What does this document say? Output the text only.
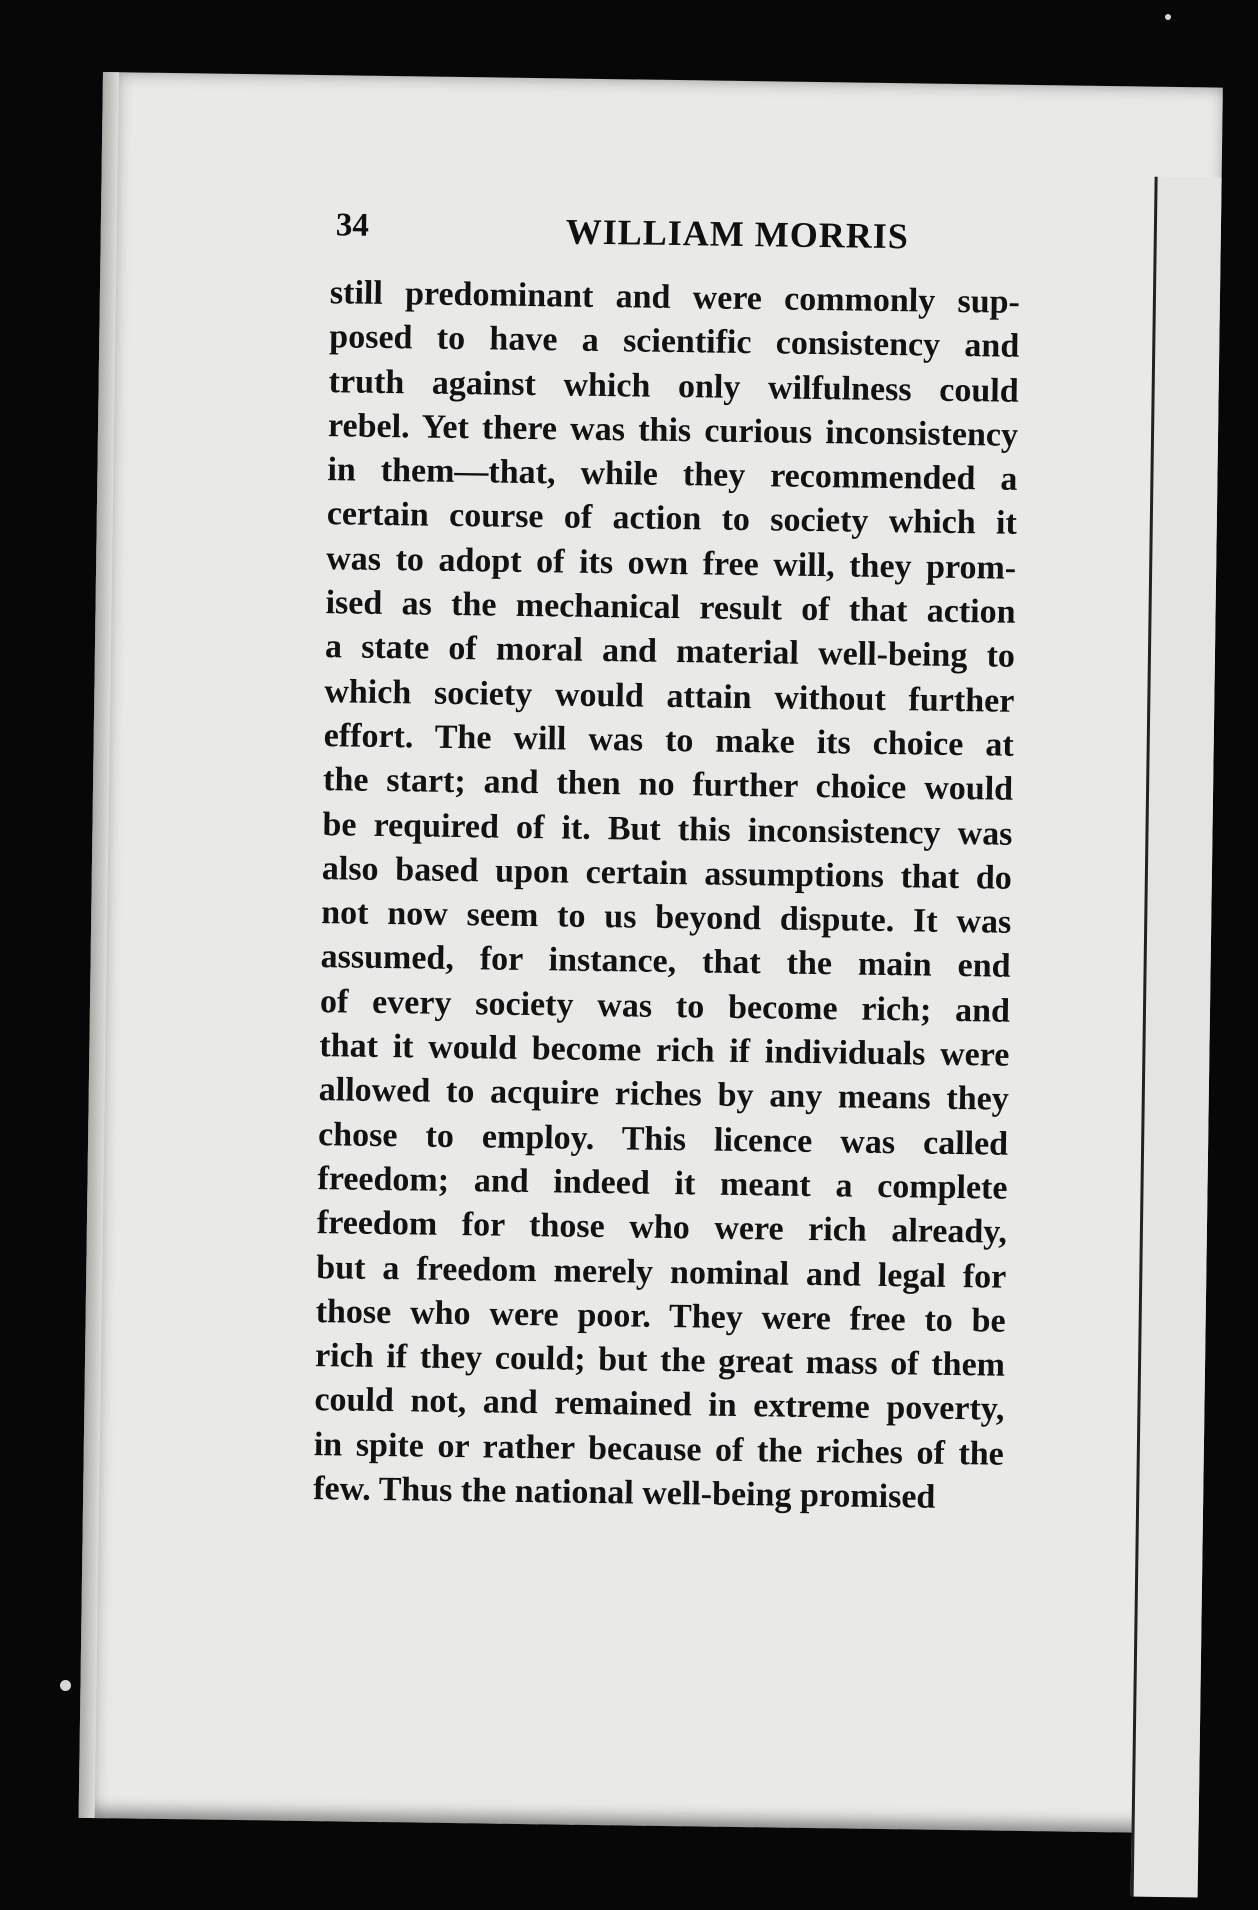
34	WILLIAM MORRIS
still predominant and were commonly sup-
posed to have a scientific consistency and
truth against which only wilfulness could
rebel. Yet there was this curious inconsistency
in them—that, while they recommended a
certain course of action to society which it
was to adopt of its own free will, they prom-
ised as the mechanical result of that action
a state of moral and material well-being to
which society would attain without further
effort. The will was to make its choice at
the start; and then no further choice would
be required of it. But this inconsistency was
also based upon certain assumptions that do
not now seem to us beyond dispute. It was
assumed, for instance, that the main end
of every society was to become rich; and
that it would become rich if individuals were
allowed to acquire riches by any means they
chose to employ. This licence was called
freedom; and indeed it meant a complete
freedom for those who were rich already,
but a freedom merely nominal and legal for
those who were poor. They were free to be
rich if they could; but the great mass of them
could not, and remained in extreme poverty,
in spite or rather because of the riches of the
few. Thus the national well-being promised
